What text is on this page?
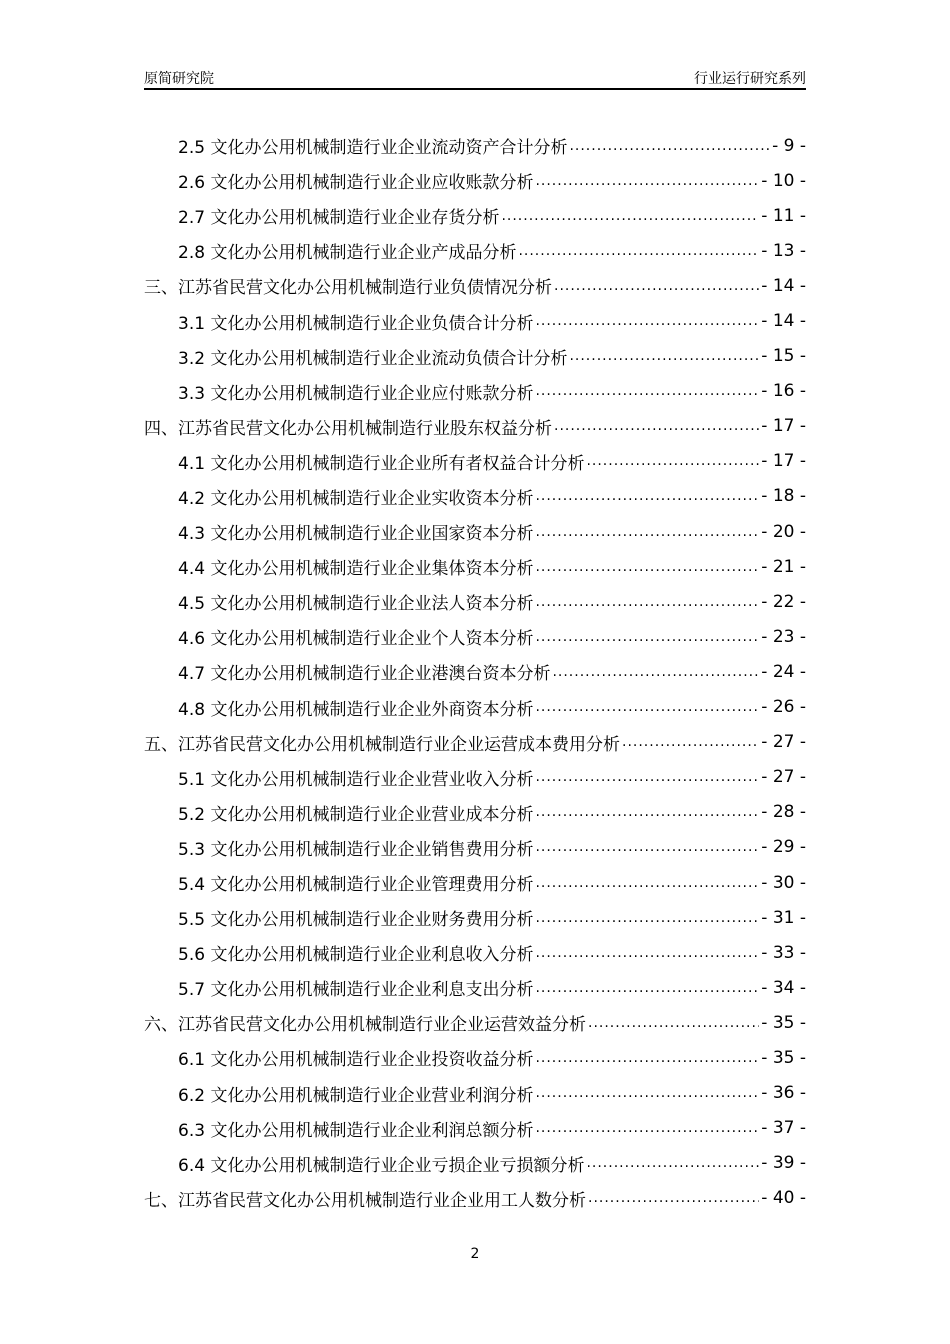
原简研究院	行业运行研究系列
2.5 文化办公用机械制造行业企业流动资产合计分析 .....	- 9 -
2.6 文化办公用机械制造行业企业应收账款分析 .....	- 10 -
2.7 文化办公用机械制造行业企业存货分析 .....	- 11 -
2.8 文化办公用机械制造行业企业产成品分析 .....	- 13 -
三、江苏省民营文化办公用机械制造行业负债情况分析 .....	- 14 -
3.1 文化办公用机械制造行业企业负债合计分析 .....	- 14 -
3.2 文化办公用机械制造行业企业流动负债合计分析 .....	- 15 -
3.3 文化办公用机械制造行业企业应付账款分析 .....	- 16 -
四、江苏省民营文化办公用机械制造行业股东权益分析 .....	- 17 -
4.1 文化办公用机械制造行业企业所有者权益合计分析 .....	- 17 -
4.2 文化办公用机械制造行业企业实收资本分析 .....	- 18 -
4.3 文化办公用机械制造行业企业国家资本分析 .....	- 20 -
4.4 文化办公用机械制造行业企业集体资本分析 .....	- 21 -
4.5 文化办公用机械制造行业企业法人资本分析 .....	- 22 -
4.6 文化办公用机械制造行业企业个人资本分析 .....	- 23 -
4.7 文化办公用机械制造行业企业港澳台资本分析 .....	- 24 -
4.8 文化办公用机械制造行业企业外商资本分析 .....	- 26 -
五、江苏省民营文化办公用机械制造行业企业运营成本费用分析 .....	- 27 -
5.1 文化办公用机械制造行业企业营业收入分析 .....	- 27 -
5.2 文化办公用机械制造行业企业营业成本分析 .....	- 28 -
5.3 文化办公用机械制造行业企业销售费用分析 .....	- 29 -
5.4 文化办公用机械制造行业企业管理费用分析 .....	- 30 -
5.5 文化办公用机械制造行业企业财务费用分析 .....	- 31 -
5.6 文化办公用机械制造行业企业利息收入分析 .....	- 33 -
5.7 文化办公用机械制造行业企业利息支出分析 .....	- 34 -
六、江苏省民营文化办公用机械制造行业企业运营效益分析 .....	- 35 -
6.1 文化办公用机械制造行业企业投资收益分析 .....	- 35 -
6.2 文化办公用机械制造行业企业营业利润分析 .....	- 36 -
6.3 文化办公用机械制造行业企业利润总额分析 .....	- 37 -
6.4 文化办公用机械制造行业企业亏损企业亏损额分析 .....	- 39 -
七、江苏省民营文化办公用机械制造行业企业用工人数分析 .....	- 40 -
2
